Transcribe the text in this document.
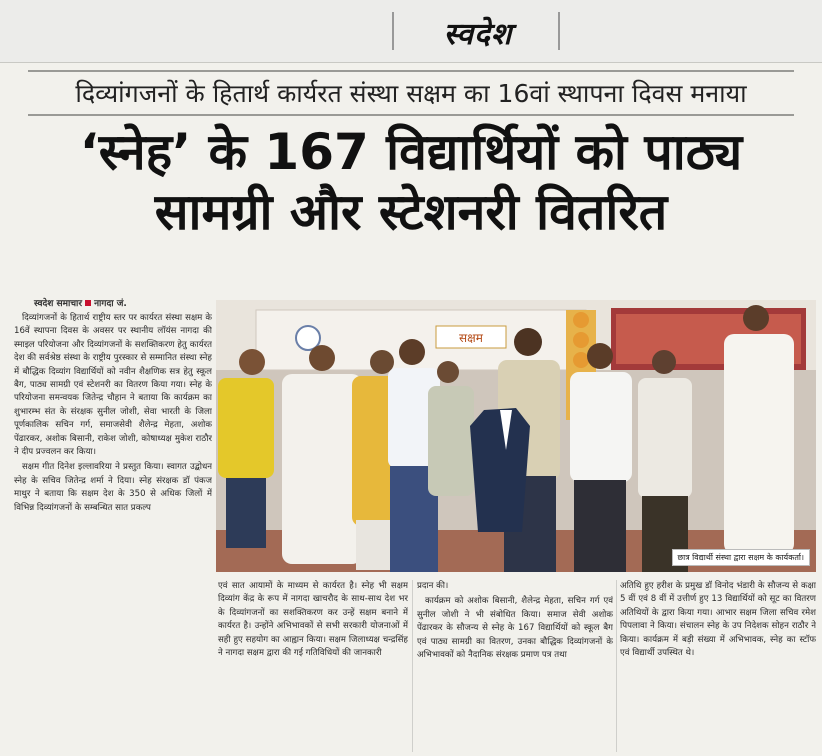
स्वदेश
दिव्यांगजनों के हितार्थ कार्यरत संस्था सक्षम का 16वां स्थापना दिवस मनाया
‘स्नेह’ के 167 विद्यार्थियों को पाठ्य
सामग्री और स्टेशनरी वितरित
स्वदेश समाचार नागदा जं.

दिव्यांगजनों के हितार्थ राष्ट्रीय स्तर पर कार्यरत संस्था सक्षम के 16वें स्थापना दिवस के अवसर पर स्थानीय लॉयंस नागदा की स्माइल परियोजना और दिव्यांगजनों के सशक्तिकरण हेतु कार्यरत देश की सर्वश्रेष्ठ संस्था के राष्ट्रीय पुरस्कार से सम्मानित संस्था स्नेह में बौद्धिक दिव्यांग विद्यार्थियों को नवीन शैक्षणिक सत्र हेतु स्कूल बैग, पाठ्य सामग्री एवं स्टेशनरी का वितरण किया गया। स्नेह के परियोजना समन्वयक जितेन्द्र चौहान ने बताया कि कार्यक्रम का शुभारम्भ संत के संरक्षक सुनील जोशी, सेवा भारती के जिला पूर्णकालिक सचिन गर्ग, समाजसेवी शैलेन्द्र मेहता, अशोक पेंढारकर, अशोक बिसानी, राकेश जोशी, कोषाध्यक्ष मुकेश राठौर ने दीप प्रज्वलन कर किया।

सक्षम गीत दिनेश इल्लावरिया ने प्रस्तुत किया। स्वागत उद्बोधन स्नेह के सचिव जितेन्द्र शर्मा ने दिया। स्नेह संरक्षक डॉ पंकज माथुर ने बताया कि सक्षम देश के 350 से अधिक जिलों में विभिन्न दिव्यांगजनों के सम्बन्धित सात प्रकल्प

सक्षम
छात्र विद्यार्थी संस्था द्वारा सक्षम के कार्यकर्ता।

एवं सात आयामों के माध्यम से कार्यरत है। स्नेह भी सक्षम दिव्यांग केंद्र के रूप में नागदा खाचरौद के साथ-साथ देश भर के दिव्यांगजनों का सशक्तिकरण कर उन्हें सक्षम बनाने में कार्यरत है। उन्होंने अभिभावकों से सभी सरकारी योजनाओं में सही हुए सहयोग का आह्वान किया। सक्षम जिलाध्यक्ष चन्द्रसिंह ने नागदा सक्षम द्वारा की गई गतिविधियों की जानकारी

प्रदान की।

कार्यक्रम को अशोक बिसानी, शैलेन्द्र मेहता, सचिन गर्ग एवं सुनील जोशी ने भी संबोधित किया। समाज सेवी अशोक पेंढारकर के सौजन्य से स्नेह के 167 विद्यार्थियों को स्कूल बैग एवं पाठ्य सामग्री का वितरण, उनका बौद्धिक दिव्यांगजनों के अभिभावकों को नैदानिक संरक्षक प्रमाण पत्र तथा

अतिथि हुए हरीश के प्रमुख डॉ विनोद भंडारी के सौजन्य से कक्षा 5 वीं एवं 8 वीं में उत्तीर्ण हुए 13 विद्यार्थियों को सूट का वितरण अतिथियों के द्वारा किया गया। आभार सक्षम जिला सचिव रमेश पिपलावा ने किया। संचालन स्नेह के उप निदेशक सोहन राठौर ने किया। कार्यक्रम में बड़ी संख्या में अभिभावक, स्नेह का स्टॉफ एवं विद्यार्थी उपस्थित थे।
